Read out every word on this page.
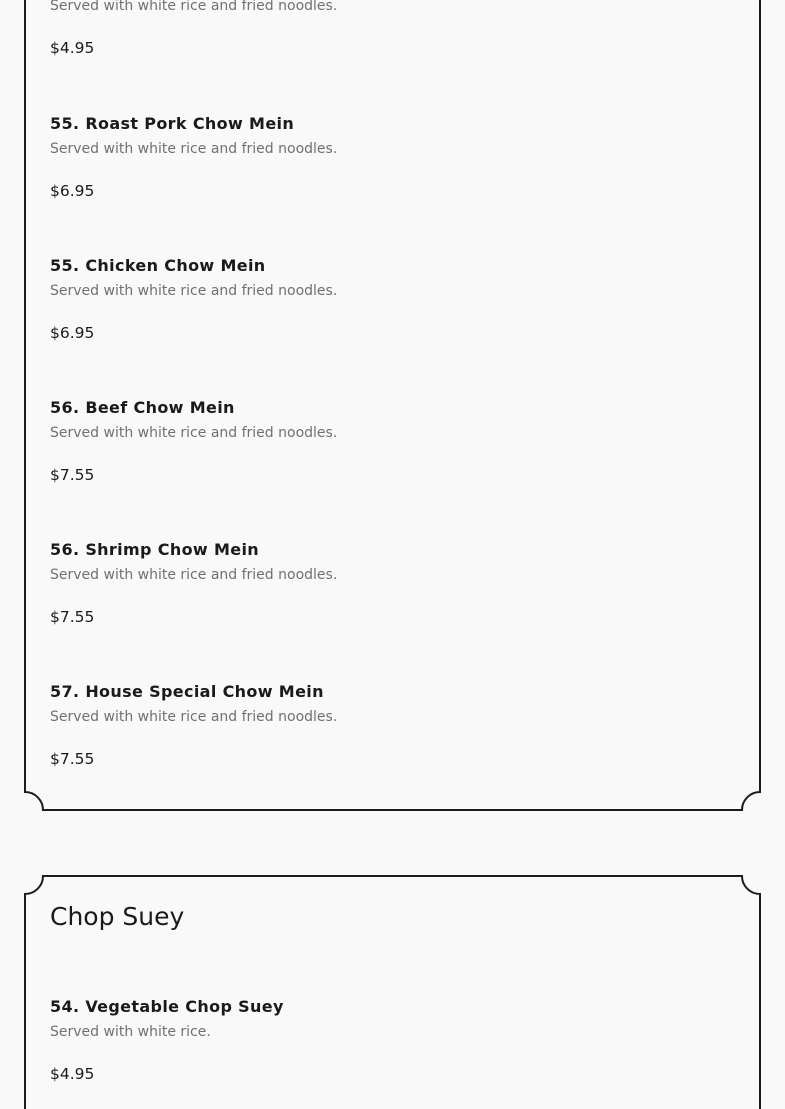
Served with white rice and fried noodles.
$4.95
55. Roast Pork Chow Mein
Served with white rice and fried noodles.
$6.95
55. Chicken Chow Mein
Served with white rice and fried noodles.
$6.95
56. Beef Chow Mein
Served with white rice and fried noodles.
$7.55
56. Shrimp Chow Mein
Served with white rice and fried noodles.
$7.55
57. House Special Chow Mein
Served with white rice and fried noodles.
$7.55
Chop Suey
54. Vegetable Chop Suey
Served with white rice.
$4.95
